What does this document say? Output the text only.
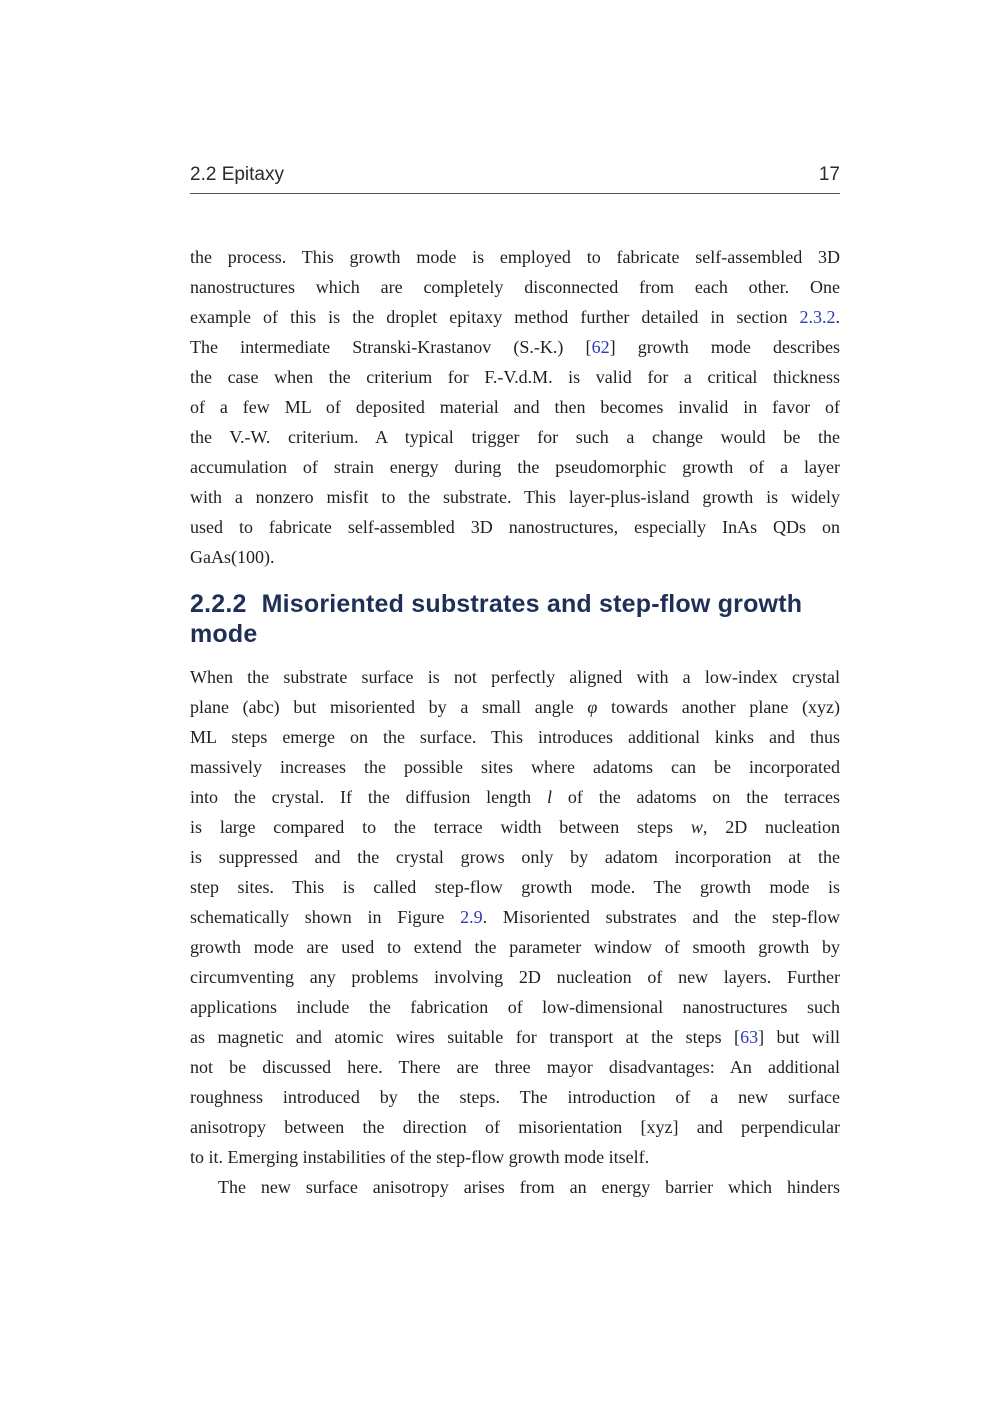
2.2 Epitaxy	17
the process. This growth mode is employed to fabricate self-assembled 3D
nanostructures which are completely disconnected from each other. One
example of this is the droplet epitaxy method further detailed in section 2.3.2.
The intermediate Stranski-Krastanov (S.-K.) [62] growth mode describes
the case when the criterium for F.-V.d.M. is valid for a critical thickness
of a few ML of deposited material and then becomes invalid in favor of
the V.-W. criterium. A typical trigger for such a change would be the
accumulation of strain energy during the pseudomorphic growth of a layer
with a nonzero misfit to the substrate. This layer-plus-island growth is widely
used to fabricate self-assembled 3D nanostructures, especially InAs QDs on
GaAs(100).
2.2.2 Misoriented substrates and step-flow growth mode
When the substrate surface is not perfectly aligned with a low-index crystal
plane (abc) but misoriented by a small angle φ towards another plane (xyz)
ML steps emerge on the surface. This introduces additional kinks and thus
massively increases the possible sites where adatoms can be incorporated
into the crystal. If the diffusion length l of the adatoms on the terraces
is large compared to the terrace width between steps w, 2D nucleation
is suppressed and the crystal grows only by adatom incorporation at the
step sites. This is called step-flow growth mode. The growth mode is
schematically shown in Figure 2.9. Misoriented substrates and the step-flow
growth mode are used to extend the parameter window of smooth growth by
circumventing any problems involving 2D nucleation of new layers. Further
applications include the fabrication of low-dimensional nanostructures such
as magnetic and atomic wires suitable for transport at the steps [63] but will
not be discussed here. There are three mayor disadvantages: An additional
roughness introduced by the steps. The introduction of a new surface
anisotropy between the direction of misorientation [xyz] and perpendicular
to it. Emerging instabilities of the step-flow growth mode itself.
The new surface anisotropy arises from an energy barrier which hinders
